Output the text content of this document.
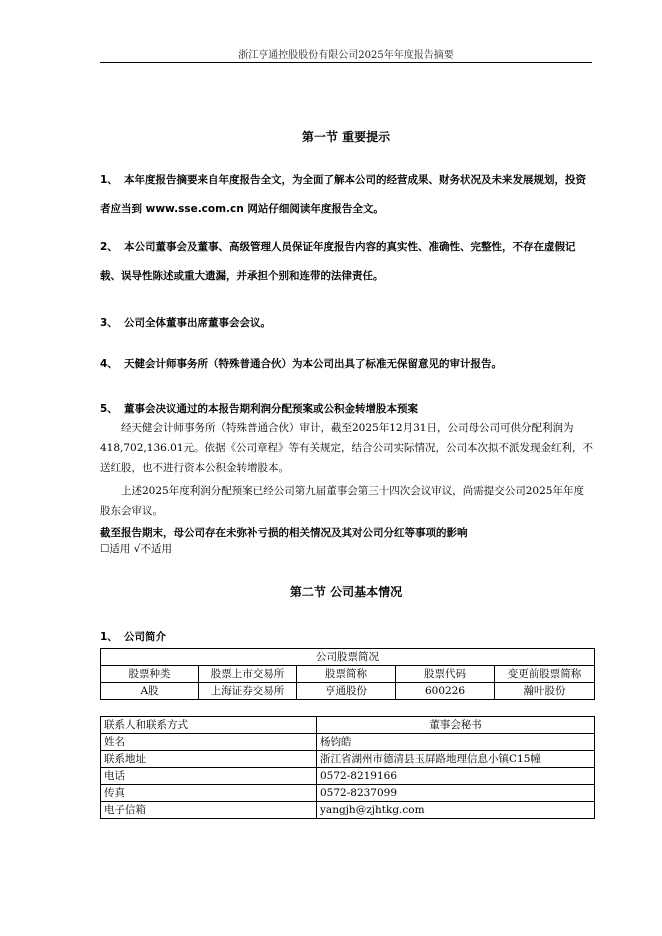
浙江亨通控股股份有限公司2025年年度报告摘要
第一节 重要提示
1、 本年度报告摘要来自年度报告全文，为全面了解本公司的经营成果、财务状况及未来发展规划，投资者应当到 www.sse.com.cn 网站仔细阅读年度报告全文。
2、 本公司董事会及董事、高级管理人员保证年度报告内容的真实性、准确性、完整性，不存在虚假记载、误导性陈述或重大遗漏，并承担个别和连带的法律责任。
3、 公司全体董事出席董事会会议。
4、 天健会计师事务所（特殊普通合伙）为本公司出具了标准无保留意见的审计报告。
5、 董事会决议通过的本报告期利润分配预案或公积金转增股本预案
经天健会计师事务所（特殊普通合伙）审计，截至2025年12月31日，公司母公司可供分配利润为418,702,136.01元。依据《公司章程》等有关规定，结合公司实际情况，公司本次拟不派发现金红利，不送红股，也不进行资本公积金转增股本。
上述2025年度利润分配预案已经公司第九届董事会第三十四次会议审议，尚需提交公司2025年年度股东会审议。
截至报告期末，母公司存在未弥补亏损的相关情况及其对公司分红等事项的影响
☐适用 √不适用
第二节 公司基本情况
1、 公司简介
公司股票简况				
股票种类	股票上市交易所	股票简称	股票代码	变更前股票简称
A股	上海证券交易所	亨通股份	600226	瀚叶股份
联系人和联系方式	董事会秘书
姓名	杨钧皓
联系地址	浙江省湖州市德清县玉屏路地理信息小镇C15幢
电话	0572-8219166
传真	0572-8237099
电子信箱	yangjh@zjhtkg.com
